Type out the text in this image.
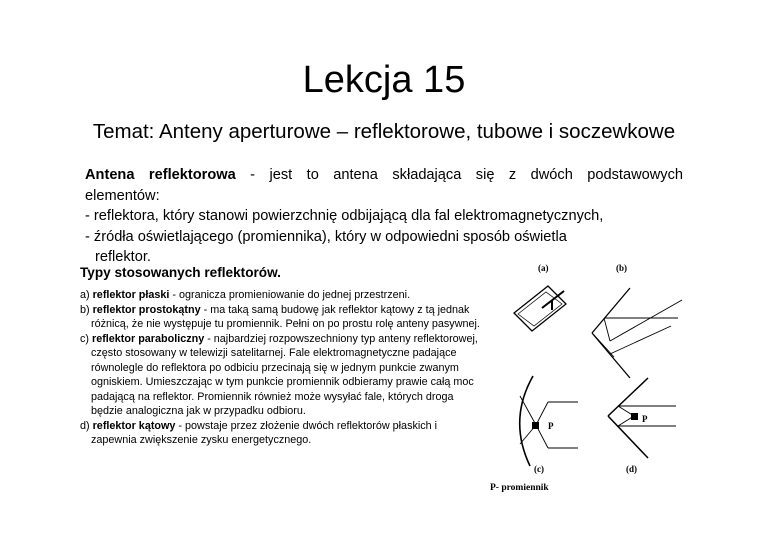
Lekcja 15
Temat: Anteny aperturowe – reflektorowe, tubowe i soczewkowe

Antena reflektorowa - jest to antena składająca się z dwóch podstawowych

elementów:

- reflektora, który stanowi powierzchnię odbijającą dla fal elektromagnetycznych,

- źródła oświetlającego (promiennika), który w odpowiedni sposób oświetla

reflektor.

Typy stosowanych reflektorów.
a) reflektor płaski - ogranicza promieniowanie do jednej przestrzeni.
b) reflektor prostokątny - ma taką samą budowę jak reflektor kątowy z tą jednak różnicą, że nie występuje tu promiennik. Pełni on po prostu rolę anteny pasywnej.
c) reflektor paraboliczny - najbardziej rozpowszechniony typ anteny reflektorowej, często stosowany w telewizji satelitarnej. Fale elektromagnetyczne padające równolegle do reflektora po odbiciu przecinają się w jednym punkcie zwanym ogniskiem. Umieszczając w tym punkcie promiennik odbieramy prawie całą moc padającą na reflektor. Promiennik również może wysyłać fale, których droga będzie analogiczna jak w przypadku odbioru.
d) reflektor kątowy - powstaje przez złożenie dwóch reflektorów płaskich i zapewnia zwiększenie zysku energetycznego.
(a)	(b)
P
P
(c)	(d)
P- promiennik
